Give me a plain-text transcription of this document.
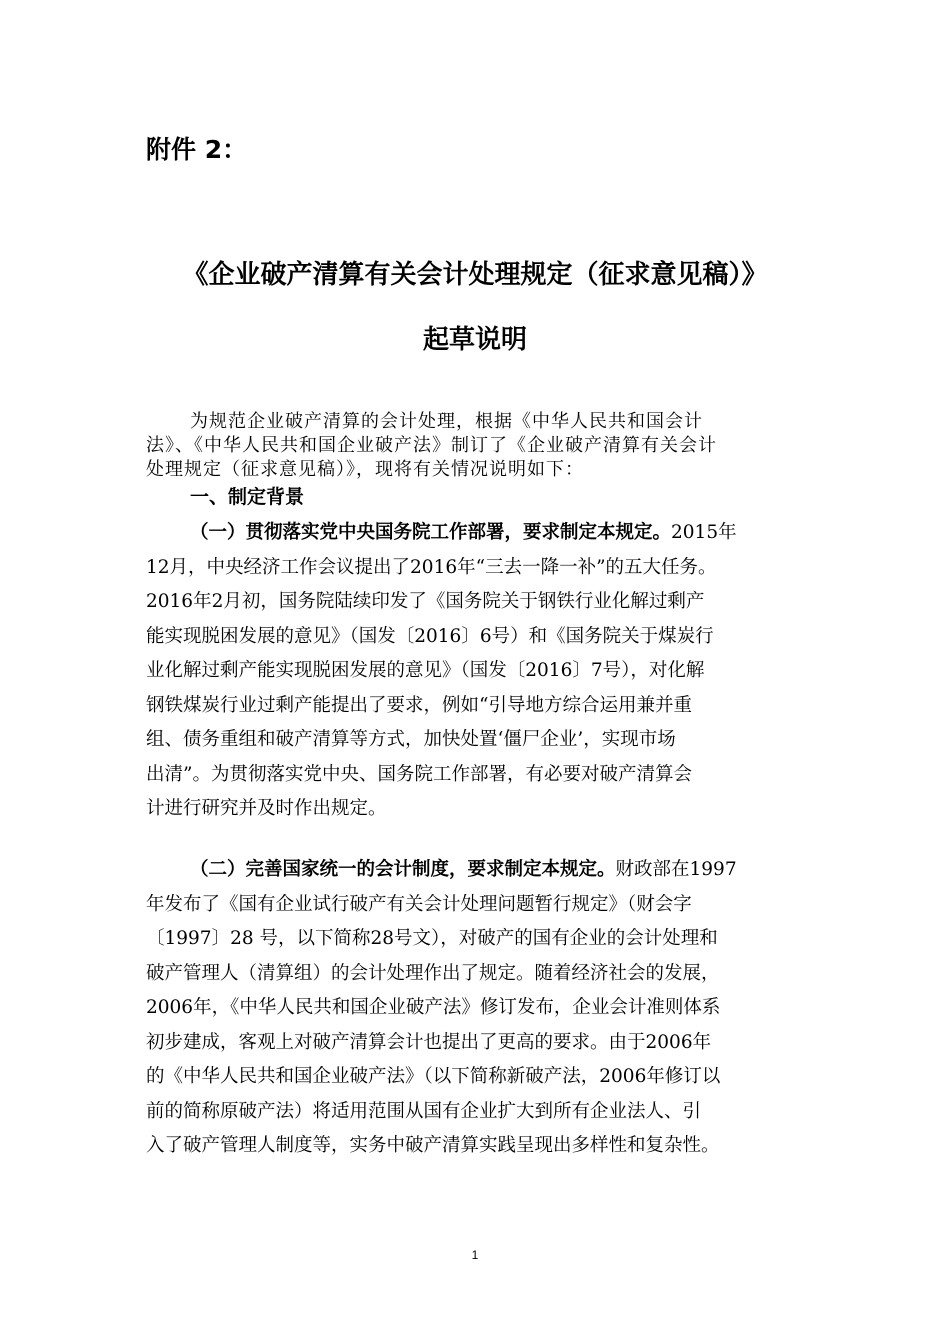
附件 2：
《企业破产清算有关会计处理规定（征求意见稿）》
起草说明
为规范企业破产清算的会计处理，根据《中华人民共和国会计
法》、《中华人民共和国企业破产法》制订了《企业破产清算有关会计
处理规定（征求意见稿）》，现将有关情况说明如下：
一、制定背景
（一）贯彻落实党中央国务院工作部署，要求制定本规定。2015年
12月，中央经济工作会议提出了2016年“三去一降一补”的五大任务。
2016年2月初，国务院陆续印发了《国务院关于钢铁行业化解过剩产
能实现脱困发展的意见》（国发〔2016〕6号）和《国务院关于煤炭行
业化解过剩产能实现脱困发展的意见》（国发〔2016〕7号），对化解
钢铁煤炭行业过剩产能提出了要求，例如“引导地方综合运用兼并重
组、债务重组和破产清算等方式，加快处置‘僵尸企业’，实现市场
出清”。为贯彻落实党中央、国务院工作部署，有必要对破产清算会
计进行研究并及时作出规定。
（二）完善国家统一的会计制度，要求制定本规定。财政部在1997
年发布了《国有企业试行破产有关会计处理问题暂行规定》（财会字
〔1997〕28 号，以下简称28号文），对破产的国有企业的会计处理和
破产管理人（清算组）的会计处理作出了规定。随着经济社会的发展，
2006年，《中华人民共和国企业破产法》修订发布，企业会计准则体系
初步建成，客观上对破产清算会计也提出了更高的要求。由于2006年
的《中华人民共和国企业破产法》（以下简称新破产法，2006年修订以
前的简称原破产法）将适用范围从国有企业扩大到所有企业法人、引
入了破产管理人制度等，实务中破产清算实践呈现出多样性和复杂性。
1
